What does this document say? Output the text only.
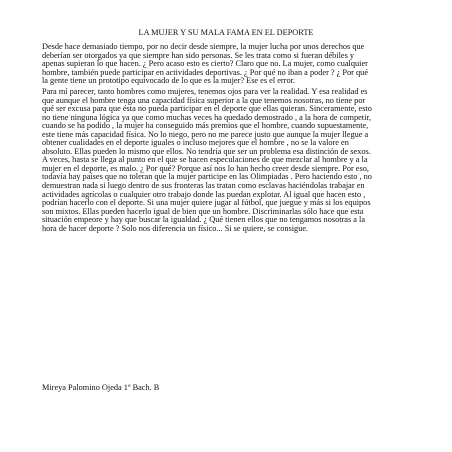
LA MUJER Y SU MALA FAMA EN EL DEPORTE
Desde hace demasiado tiempo, por no decir desde siempre, la mujer lucha por unos derechos que
deberían ser otorgados ya que siempre han sido personas. Se les trata como si fueran débiles y
apenas supieran lo que hacen. ¿ Pero acaso esto es cierto? Claro que no. La mujer, como cualquier
hombre, también puede participar en actividades deportivas. ¿ Por qué no iban a poder ? ¿ Por qué
la gente tiene un prototipo equivocado de lo que es la mujer? Ese es el error.
Para mí parecer, tanto hombres como mujeres, tenemos ojos para ver la realidad. Y esa realidad es
que aunque el hombre tenga una capacidad física superior a la que tenemos nosotras, no tiene por
qué ser excusa para que ésta no pueda participar en el deporte que ellas quieran. Sinceramente, esto
no tiene ninguna lógica ya que como muchas veces ha quedado demostrado , a la hora de competir,
cuando se ha podido , la mujer ha conseguido más premios que el hombre, cuando supuestamente,
este tiene más capacidad física. No lo niego, pero no me parece justo que aunque la mujer llegue a
obtener cualidades en el deporte iguales o incluso mejores que el hombre , no se la valore en
absoluto. Ellas pueden lo mismo que ellos. No tendría que ser un problema esa distinción de sexos.
A veces, hasta se llega al punto en el que se hacen especulaciones de que mezclar al hombre y a la
mujer en el deporte, es malo. ¿ Por qué? Porque así nos lo han hecho creer desde siempre. Por eso,
todavía hay países que no toleran que la mujer participe en las Olimpiadas . Pero haciendo esto , no
demuestran nada si luego dentro de sus fronteras las tratan como esclavas haciéndolas trabajar en
actividades agrícolas o cualquier otro trabajo donde las puedan explotar. Al igual que hacen esto ,
podrían hacerlo con el deporte. Si una mujer quiere jugar al fútbol, que juegue y más si los equipos
son mixtos. Ellas pueden hacerlo igual de bien que un hombre. Discriminarlas sólo hace que esta
situación empeore y hay que buscar la igualdad. ¿ Qué tienen ellos que no tengamos nosotras a la
hora de hacer deporte ? Solo nos diferencia un físico... Si se quiere, se consigue.
Mireya Palomino Ojeda 1º Bach. B
